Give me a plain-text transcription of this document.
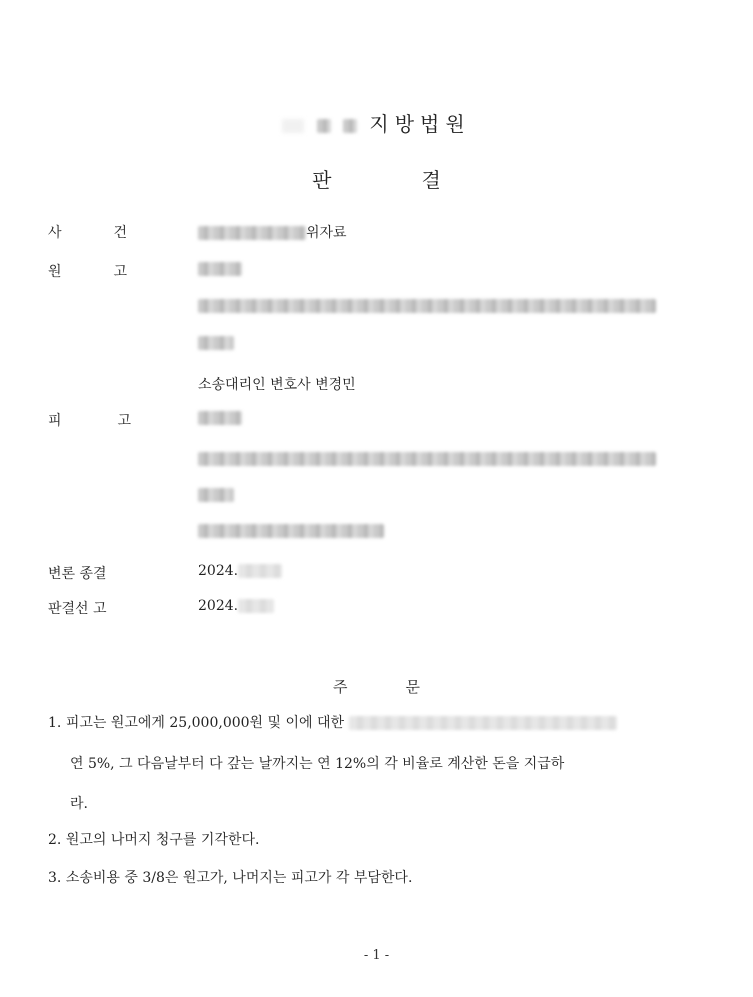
지방법원
판	결
사건	위자료
원고
소송대리인 변호사 변경민
피고
변론 종결	2024.
판결선 고	2024.
주	문
1. 피고는 원고에게 25,000,000원 및 이에 대한
연 5%, 그 다음날부터 다 갚는 날까지는 연 12%의 각 비율로 계산한 돈을 지급하
라.
2. 원고의 나머지 청구를 기각한다.
3. 소송비용 중 3/8은 원고가, 나머지는 피고가 각 부담한다.
- 1 -
